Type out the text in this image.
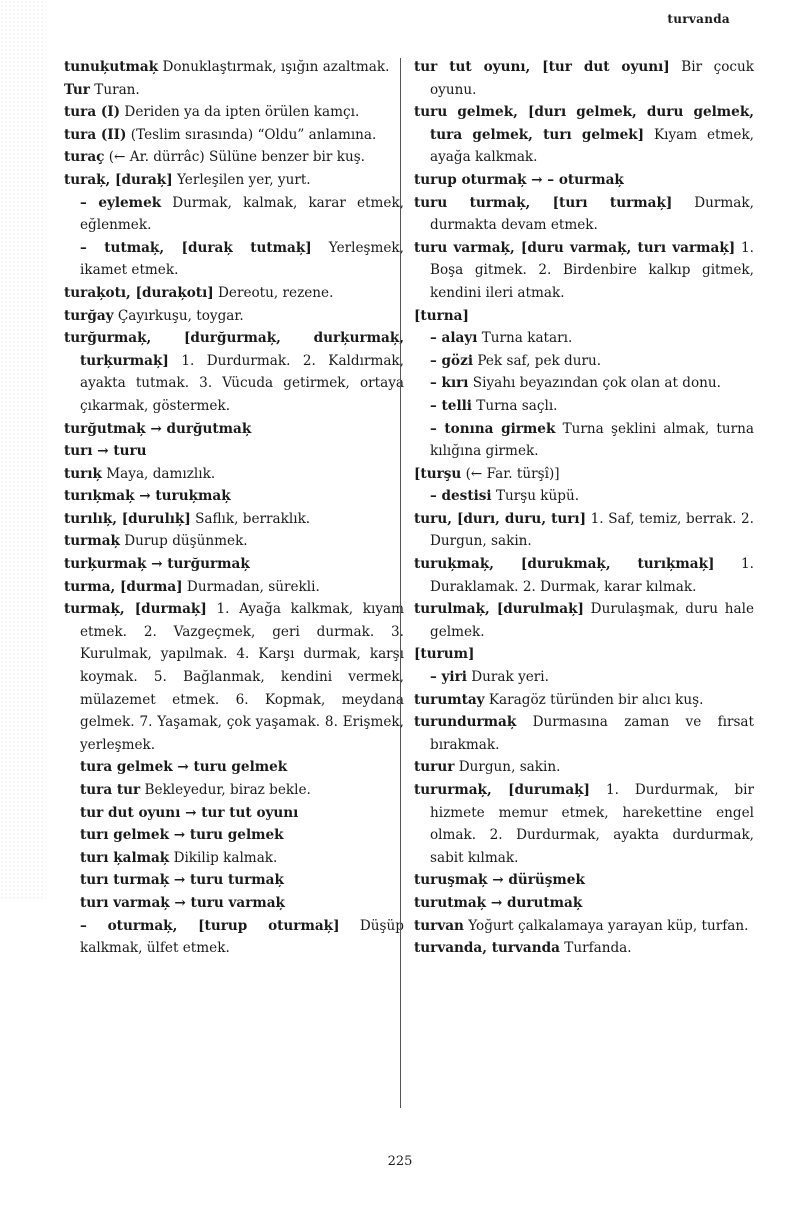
turvanda
tunuķutmaķ Donuklaştırmak, ışığın azaltmak.
Tur Turan.
tura (I) Deriden ya da ipten örülen kamçı.
tura (II) (Teslim sırasında) “Oldu” anlamına.
turaç (← Ar. dürrâc) Sülüne benzer bir kuş.
turaķ, [duraķ] Yerleşilen yer, yurt.
– eylemek Durmak, kalmak, karar etmek, eğlenmek.
– tutmaķ, [duraķ tutmaķ] Yerleşmek, ikamet etmek.
turaķotı, [duraķotı] Dereotu, rezene.
turğay Çayırkuşu, toygar.
turğurmaķ, [durğurmaķ, durķurmaķ, turķurmaķ] 1. Durdurmak. 2. Kaldırmak, ayakta tutmak. 3. Vücuda getirmek, ortaya çıkarmak, göstermek.
turğutmaķ → durğutmaķ
turı → turu
turıķ Maya, damızlık.
turıķmaķ → turuķmaķ
turılıķ, [durulıķ] Saflık, berraklık.
turmaķ Durup düşünmek.
turķurmaķ → turğurmaķ
turma, [durma] Durmadan, sürekli.
turmaķ, [durmaķ] 1. Ayağa kalkmak, kıyam etmek. 2. Vazgeçmek, geri durmak. 3. Kurulmak, yapılmak. 4. Karşı durmak, karşı koymak. 5. Bağlanmak, kendini vermek, mülazemet etmek. 6. Kopmak, meydana gelmek. 7. Yaşamak, çok yaşamak. 8. Erişmek, yerleşmek.
tura gelmek → turu gelmek
tura tur Bekleyedur, biraz bekle.
tur dut oyunı → tur tut oyunı
turı gelmek → turu gelmek
turı ķalmaķ Dikilip kalmak.
turı turmaķ → turu turmaķ
turı varmaķ → turu varmaķ
– oturmaķ, [turup oturmaķ] Düşüp kalkmak, ülfet etmek.
tur tut oyunı, [tur dut oyunı] Bir çocuk oyunu.
turu gelmek, [durı gelmek, duru gelmek, tura gelmek, turı gelmek] Kıyam etmek, ayağa kalkmak.
turup oturmaķ → – oturmaķ
turu turmaķ, [turı turmaķ] Durmak, durmakta devam etmek.
turu varmaķ, [duru varmaķ, turı varmaķ] 1. Boşa gitmek. 2. Birdenbire kalkıp gitmek, kendini ileri atmak.
[turna]
– alayı Turna katarı.
– gözi Pek saf, pek duru.
– kırı Siyahı beyazından çok olan at donu.
– telli Turna saçlı.
– tonına girmek Turna şeklini almak, turna kılığına girmek.
[turşu (← Far. türşî)]
– destisi Turşu küpü.
turu, [durı, duru, turı] 1. Saf, temiz, berrak. 2. Durgun, sakin.
turuķmaķ, [durukmaķ, turıķmaķ] 1. Duraklamak. 2. Durmak, karar kılmak.
turulmaķ, [durulmaķ] Durulaşmak, duru hale gelmek.
[turum]
– yiri Durak yeri.
turumtay Karagöz türünden bir alıcı kuş.
turundurmaķ Durmasına zaman ve fırsat bırakmak.
turur Durgun, sakin.
tururmaķ, [durumaķ] 1. Durdurmak, bir hizmete memur etmek, harekettine engel olmak. 2. Durdurmak, ayakta durdurmak, sabit kılmak.
turuşmaķ → dürüşmek
turutmaķ → durutmaķ
turvan Yoğurt çalkalamaya yarayan küp, turfan.
turvanda, turvanda Turfanda.
225
